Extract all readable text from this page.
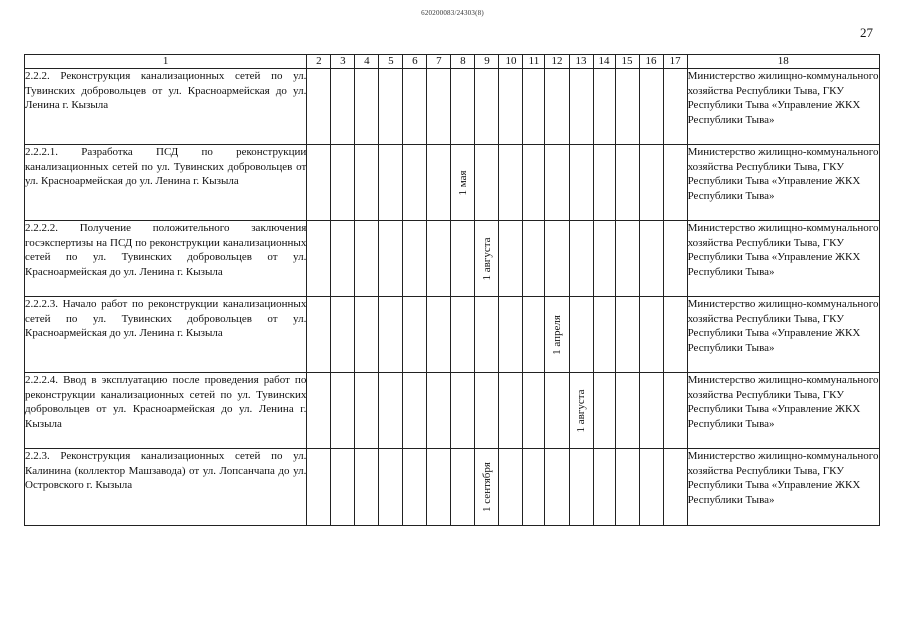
620200083/24303(8)
27
1	2	3	4	5	6	7	8	9	10	11	12	13	14	15	16	17	18
2.2.2. Реконструкция канализационных сетей по ул. Тувинских добровольцев от ул. Красноармейская до ул. Ленина г. Кызыла																	Министерство жилищно-коммунального хозяйства Республики Тыва, ГКУ Республики Тыва «Управление ЖКХ Республики Тыва»
2.2.2.1. Разработка ПСД по реконструкции канализационных сетей по ул. Тувинских добровольцев от ул. Красноармейская до ул. Ленина г. Кызыла							1 мая										Министерство жилищно-коммунального хозяйства Республики Тыва, ГКУ Республики Тыва «Управление ЖКХ Республики Тыва»
2.2.2.2. Получение положительного заключения госэкспертизы на ПСД по реконструкции канализационных сетей по ул. Тувинских добровольцев от ул. Красноармейская до ул. Ленина г. Кызыла								1 августа									Министерство жилищно-коммунального хозяйства Республики Тыва, ГКУ Республики Тыва «Управление ЖКХ Республики Тыва»
2.2.2.3. Начало работ по реконструкции канализационных сетей по ул. Тувинских добровольцев от ул. Красноармейская до ул. Ленина г. Кызыла											1 апреля						Министерство жилищно-коммунального хозяйства Республики Тыва, ГКУ Республики Тыва «Управление ЖКХ Республики Тыва»
2.2.2.4. Ввод в эксплуатацию после проведения работ по реконструкции канализационных сетей по ул. Тувинских добровольцев от ул. Красноармейская до ул. Ленина г. Кызыла												1 августа					Министерство жилищно-коммунального хозяйства Республики Тыва, ГКУ Республики Тыва «Управление ЖКХ Республики Тыва»
2.2.3. Реконструкция канализационных сетей по ул. Калинина (коллектор Машзавода) от ул. Лопсанчапа до ул. Островского г. Кызыла								1 сентября									Министерство жилищно-коммунального хозяйства Республики Тыва, ГКУ Республики Тыва «Управление ЖКХ Республики Тыва»
